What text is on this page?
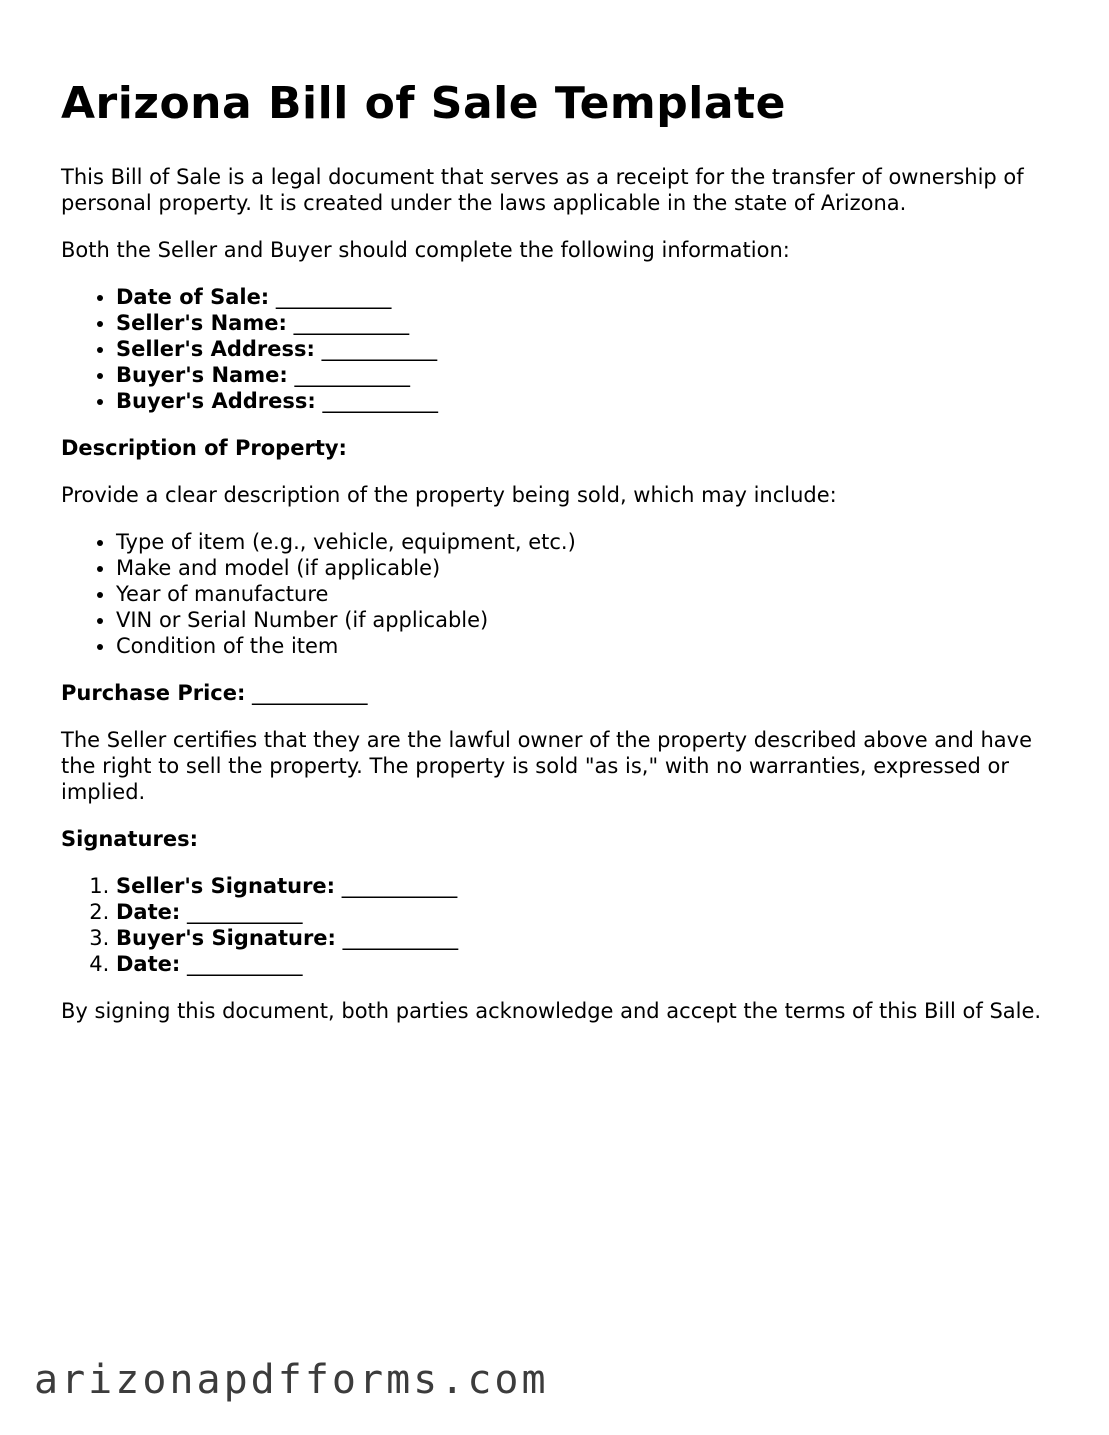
Arizona Bill of Sale Template

This Bill of Sale is a legal document that serves as a receipt for the transfer of ownership of personal property. It is created under the laws applicable in the state of Arizona.

Both the Seller and Buyer should complete the following information:

• Date of Sale: ___________
• Seller's Name: ___________
• Seller's Address: ___________
• Buyer's Name: ___________
• Buyer's Address: ___________

Description of Property:

Provide a clear description of the property being sold, which may include:

• Type of item (e.g., vehicle, equipment, etc.)
• Make and model (if applicable)
• Year of manufacture
• VIN or Serial Number (if applicable)
• Condition of the item

Purchase Price: ___________

The Seller certifies that they are the lawful owner of the property described above and have the right to sell the property. The property is sold "as is," with no warranties, expressed or implied.

Signatures:

1. Seller's Signature: ___________
2. Date: ___________
3. Buyer's Signature: ___________
4. Date: ___________

By signing this document, both parties acknowledge and accept the terms of this Bill of Sale.

arizonapdfforms.com
